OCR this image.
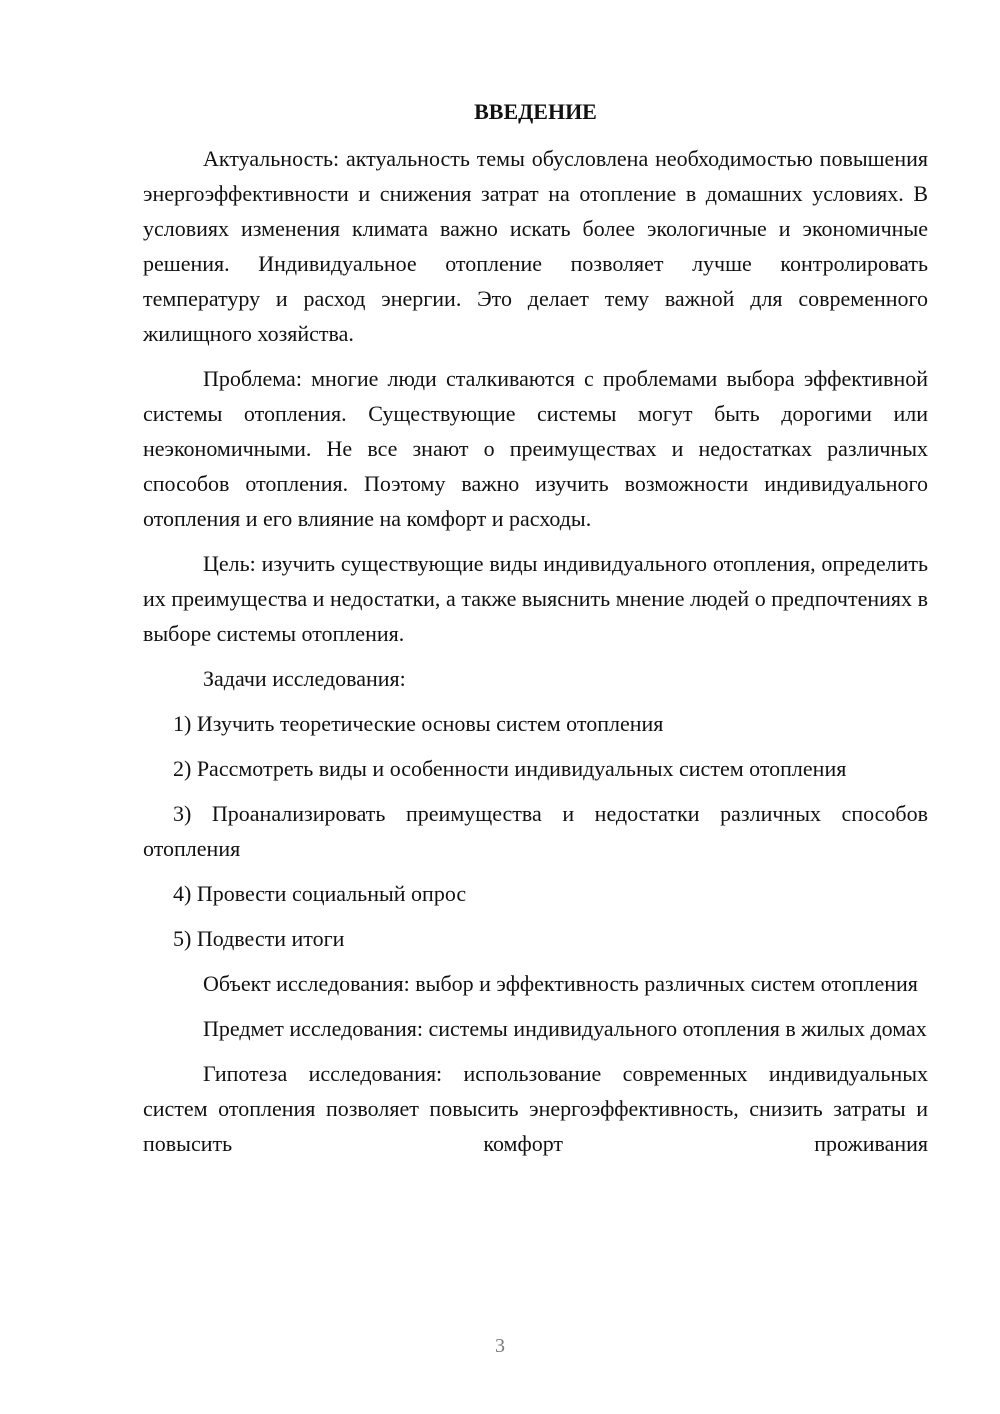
ВВЕДЕНИЕ

Актуальность: актуальность темы обусловлена необходимостью повышения энергоэффективности и снижения затрат на отопление в домашних условиях. В условиях изменения климата важно искать более экологичные и экономичные решения. Индивидуальное отопление позволяет лучше контролировать температуру и расход энергии. Это делает тему важной для современного жилищного хозяйства.

Проблема: многие люди сталкиваются с проблемами выбора эффективной системы отопления. Существующие системы могут быть дорогими или неэкономичными. Не все знают о преимуществах и недостатках различных способов отопления. Поэтому важно изучить возможности индивидуального отопления и его влияние на комфорт и расходы.

Цель: изучить существующие виды индивидуального отопления, определить их преимущества и недостатки, а также выяснить мнение людей о предпочтениях в выборе системы отопления.

Задачи исследования:

1) Изучить теоретические основы систем отопления

2) Рассмотреть виды и особенности индивидуальных систем отопления

3) Проанализировать преимущества и недостатки различных способов отопления

4) Провести социальный опрос

5) Подвести итоги

Объект исследования: выбор и эффективность различных систем отопления

Предмет исследования: системы индивидуального отопления в жилых домах

Гипотеза исследования: использование современных индивидуальных систем отопления позволяет повысить энергоэффективность, снизить затраты и повысить комфорт проживания

3
